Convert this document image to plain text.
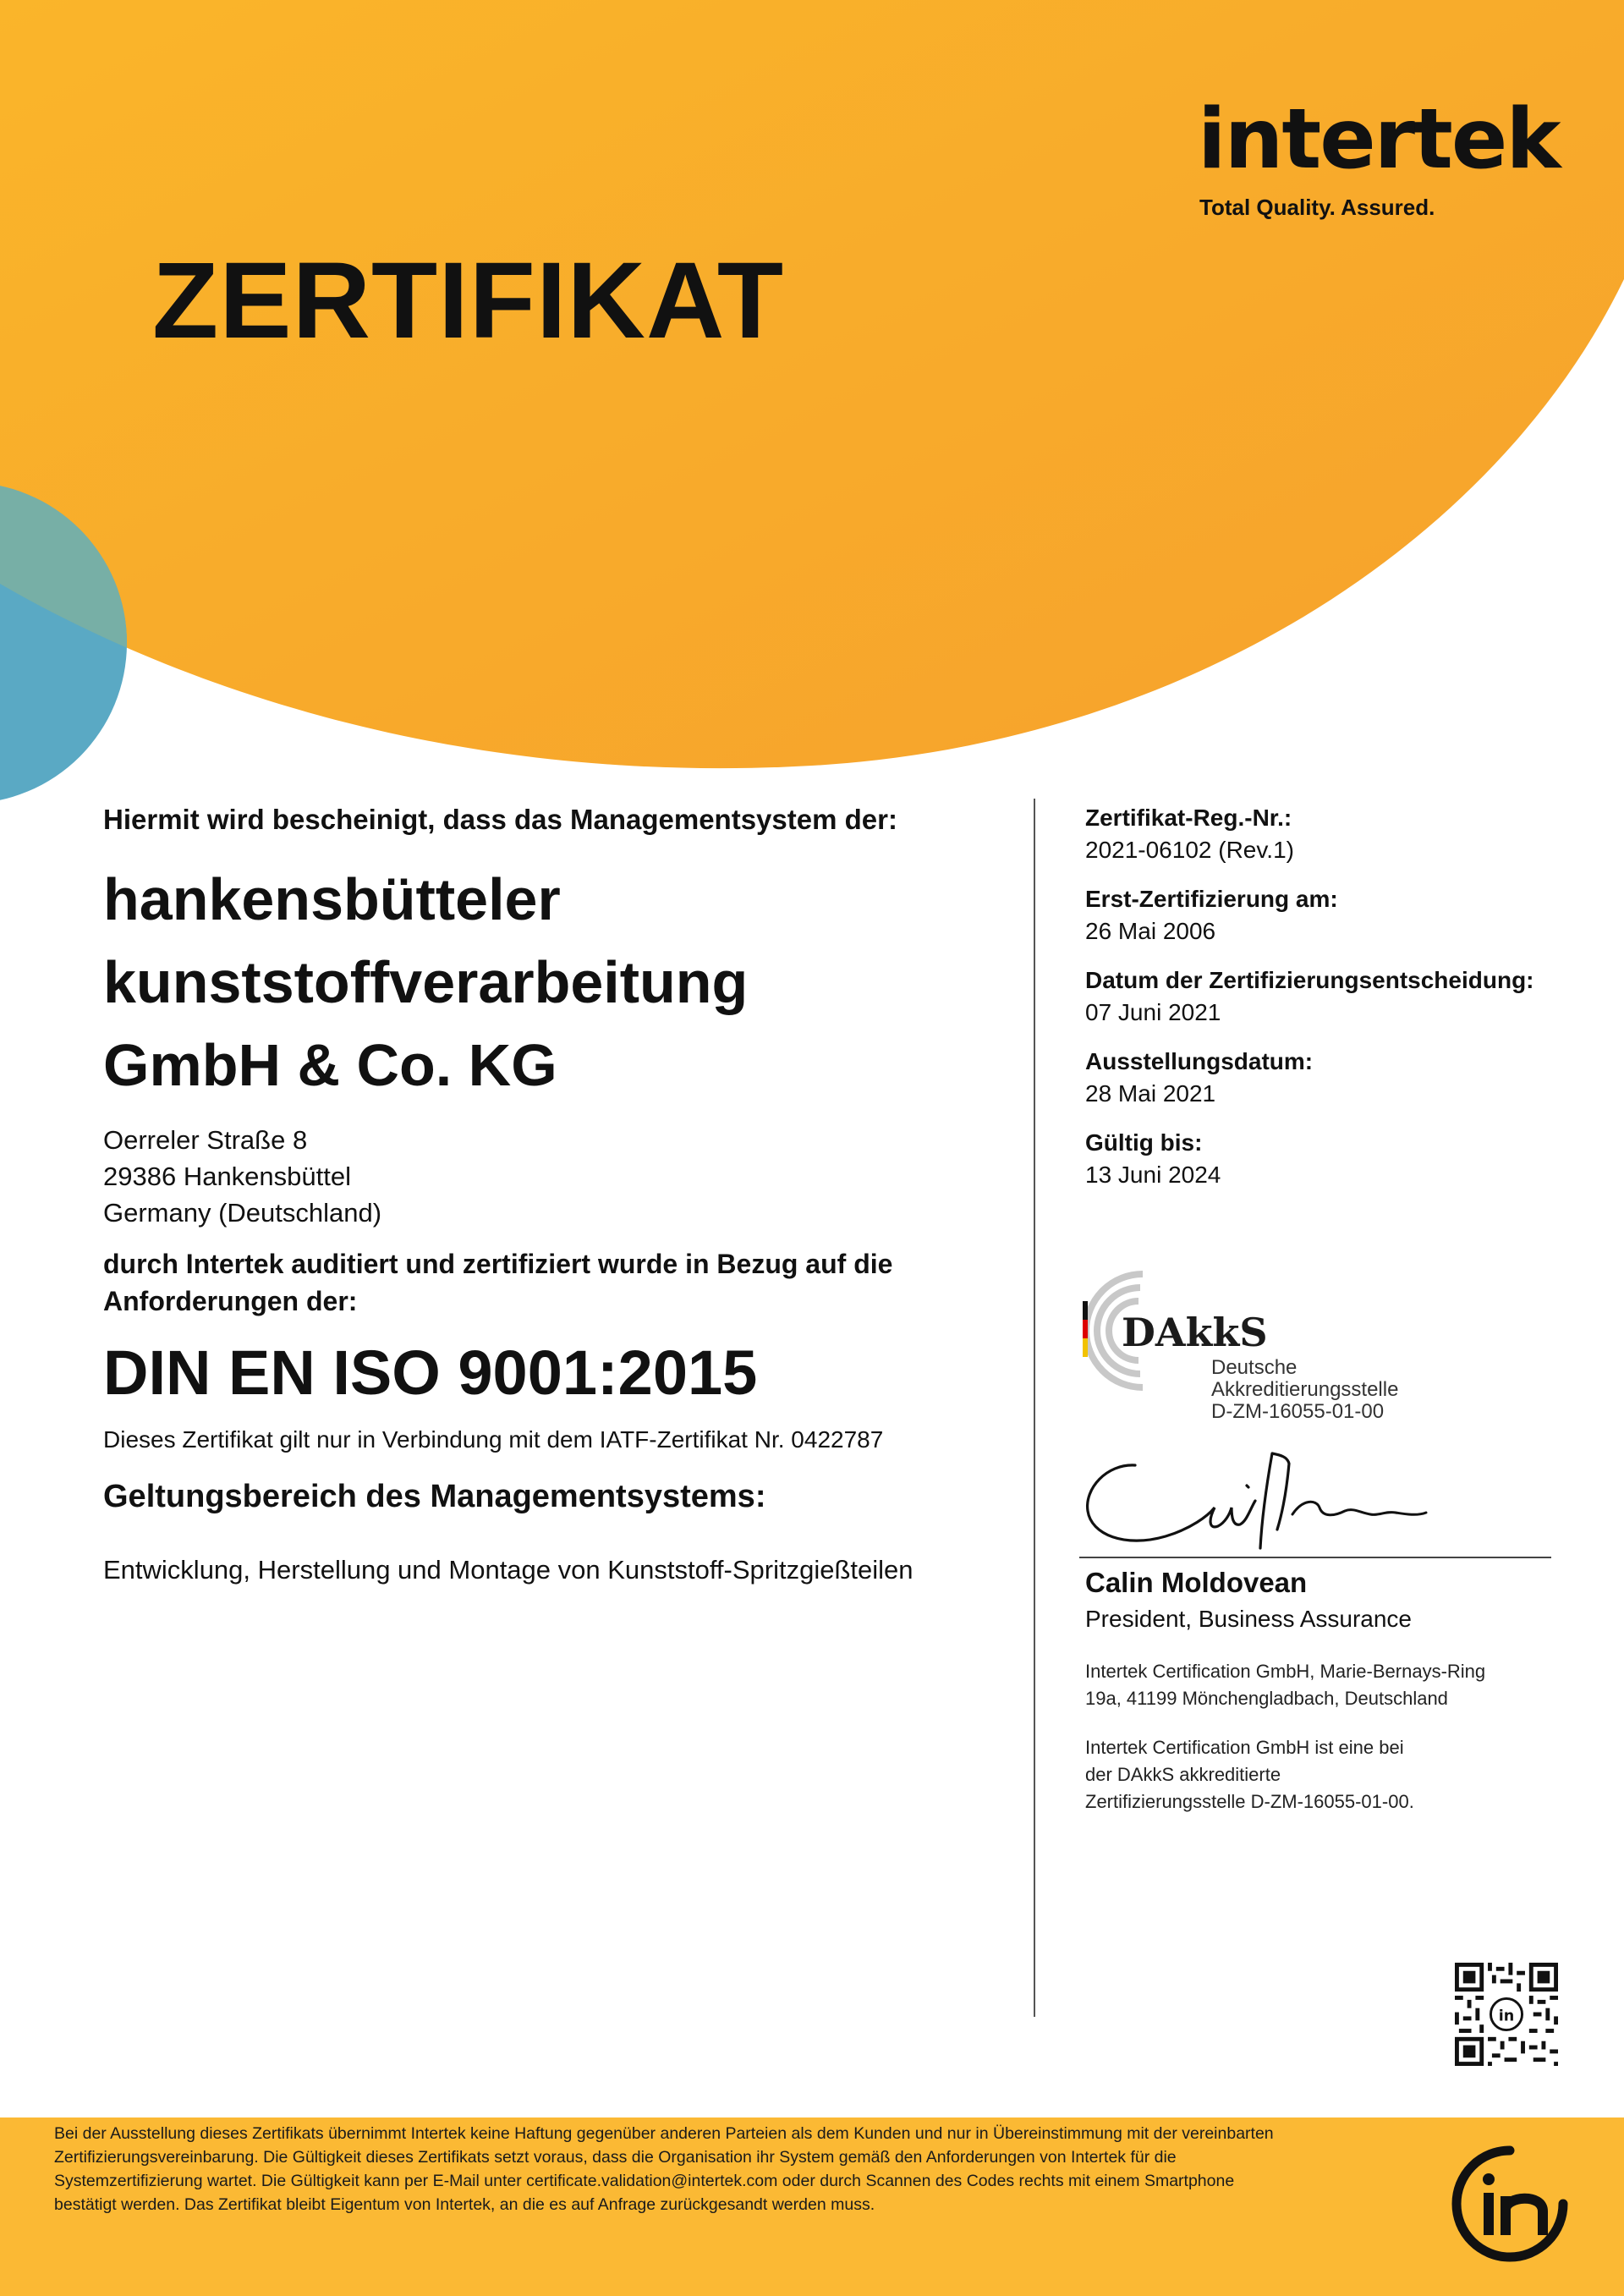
intertek
Total Quality. Assured.
ZERTIFIKAT
Hiermit wird bescheinigt, dass das Managementsystem der:
hankensbütteler
kunststoffverarbeitung
GmbH & Co. KG
Oerreler Straße 8
29386 Hankensbüttel
Germany (Deutschland)
durch Intertek auditiert und zertifiziert wurde in Bezug auf die
Anforderungen der:
DIN EN ISO 9001:2015
Dieses Zertifikat gilt nur in Verbindung mit dem IATF-Zertifikat Nr. 0422787
Geltungsbereich des Managementsystems:
Entwicklung, Herstellung und Montage von Kunststoff-Spritzgießteilen
Zertifikat-Reg.-Nr.:
2021-06102 (Rev.1)
Erst-Zertifizierung am:
26 Mai 2006
Datum der Zertifizierungsentscheidung:
07 Juni 2021
Ausstellungsdatum:
28 Mai 2021
Gültig bis:
13 Juni 2024
DAkkS
Deutsche
Akkreditierungsstelle
D-ZM-16055-01-00
Calin Moldovean
President, Business Assurance
Intertek Certification GmbH, Marie-Bernays-Ring
19a, 41199 Mönchengladbach, Deutschland
Intertek Certification GmbH ist eine bei
der DAkkS akkreditierte
Zertifizierungsstelle D-ZM-16055-01-00.
in
Bei der Ausstellung dieses Zertifikats übernimmt Intertek keine Haftung gegenüber anderen Parteien als dem Kunden und nur in Übereinstimmung mit der vereinbarten
Zertifizierungsvereinbarung. Die Gültigkeit dieses Zertifikats setzt voraus, dass die Organisation ihr System gemäß den Anforderungen von Intertek für die
Systemzertifizierung wartet. Die Gültigkeit kann per E-Mail unter certificate.validation@intertek.com oder durch Scannen des Codes rechts mit einem Smartphone
bestätigt werden. Das Zertifikat bleibt Eigentum von Intertek, an die es auf Anfrage zurückgesandt werden muss.
